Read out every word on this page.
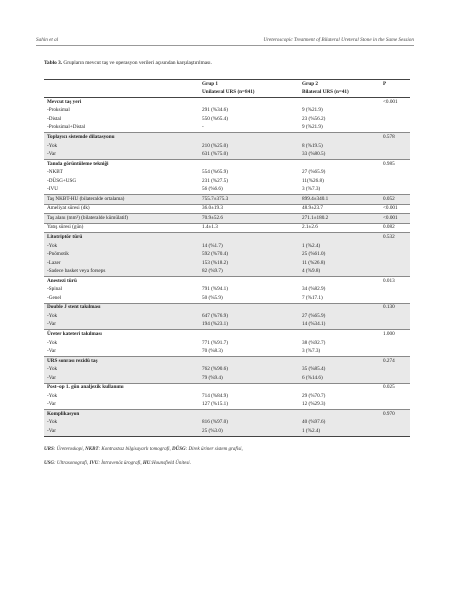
Sahin et al	Ureteroscopic Treatment of Bilateral Ureteral Stone in the Same Session
Tablo 3. Grupların mevcut taş ve operasyon verileri açısından karşılaştırılması.
	Grup 1	Grup 2	P
	Unilateral URS (n=841)	Bilateral URS (n=41)	
Mevcut taş yeri			<0.001
-Proksimal	291 (%34.6)	9 (%21.9)	
-Distal	550 (%65.4)	23 (%56.2)	
-Proksimal+Distal	-	9 (%21.9)	
Toplayıcı sistemde dilatasyonu			0.578
-Yok	210 (%25.0)	8 (%19.5)	
-Var	631 (%75.0)	33 (%80.5)	
Tanıda görüntüleme tekniği			0.985
-NKBT	554 (%65.9)	27 (%65.9)	
-DÜSG+USG	231 (%27.5)	11(%26.8)	
-IVU	56 (%6.6)	3 (%7.3)	
Taş NKBT-HU (bilateralde ortalama)	755.7±375.3	899.4±340.1	0.052
Ameliyat süresi (dk)	36.0±19.3	48.9±23.7	<0.001
Taş alanı (mm²) (bilateralde kümülatif)	70.9±52.6	271.1±180.2	<0.001
Yatış süresi (gün)	1.4±1.3	2.1±2.6	0.082
Litotriptör türü			0.532
-Yok	14 (%1.7)	1 (%2.4)	
-Pnömotik	592 (%70.4)	25 (%61.0)	
-Lazer	153 (%18.2)	11 (%26.8)	
-Sadece basket veya forseps	82 (%9.7)	4 (%9.8)	
Anestezi türü			0.013
-Spinal	791 (%94.1)	34 (%82.9)	
-Genel	50 (%5.9)	7 (%17.1)	
Double J stent takılması			0.130
-Yok	647 (%76.9)	27 (%65.9)	
-Var	194 (%23.1)	14 (%34.1)	
Üreter kateteri takılması			1.000
-Yok	771 (%91.7)	38 (%92.7)	
-Var	70 (%8.3)	3 (%7.3)	
URS sonrası rezidü taş			0.274
-Yok	762 (%90.6)	35 (%85.4)	
-Var	79 (%9.4)	6 (%14.6)	
Post–op 1. gün analjezik kullanımı			0.025
-Yok	714 (%84.9)	29 (%70.7)	
-Var	127 (%15.1)	12 (%29.3)	
Komplikasyon			0.970
-Yok	816 (%97.0)	40 (%97.6)	
-Var	25 (%3.0)	1 (%2.4)	
URS: Üreteroskopi, NKBT: Kontrastsız bilgisayarlı tomografi, DÜSG: Direk üriner sistem grafisi,
USG: Ultrasonografi, IVU: İntravenöz ürografi, HU:Hounsfield Ünitesi.
